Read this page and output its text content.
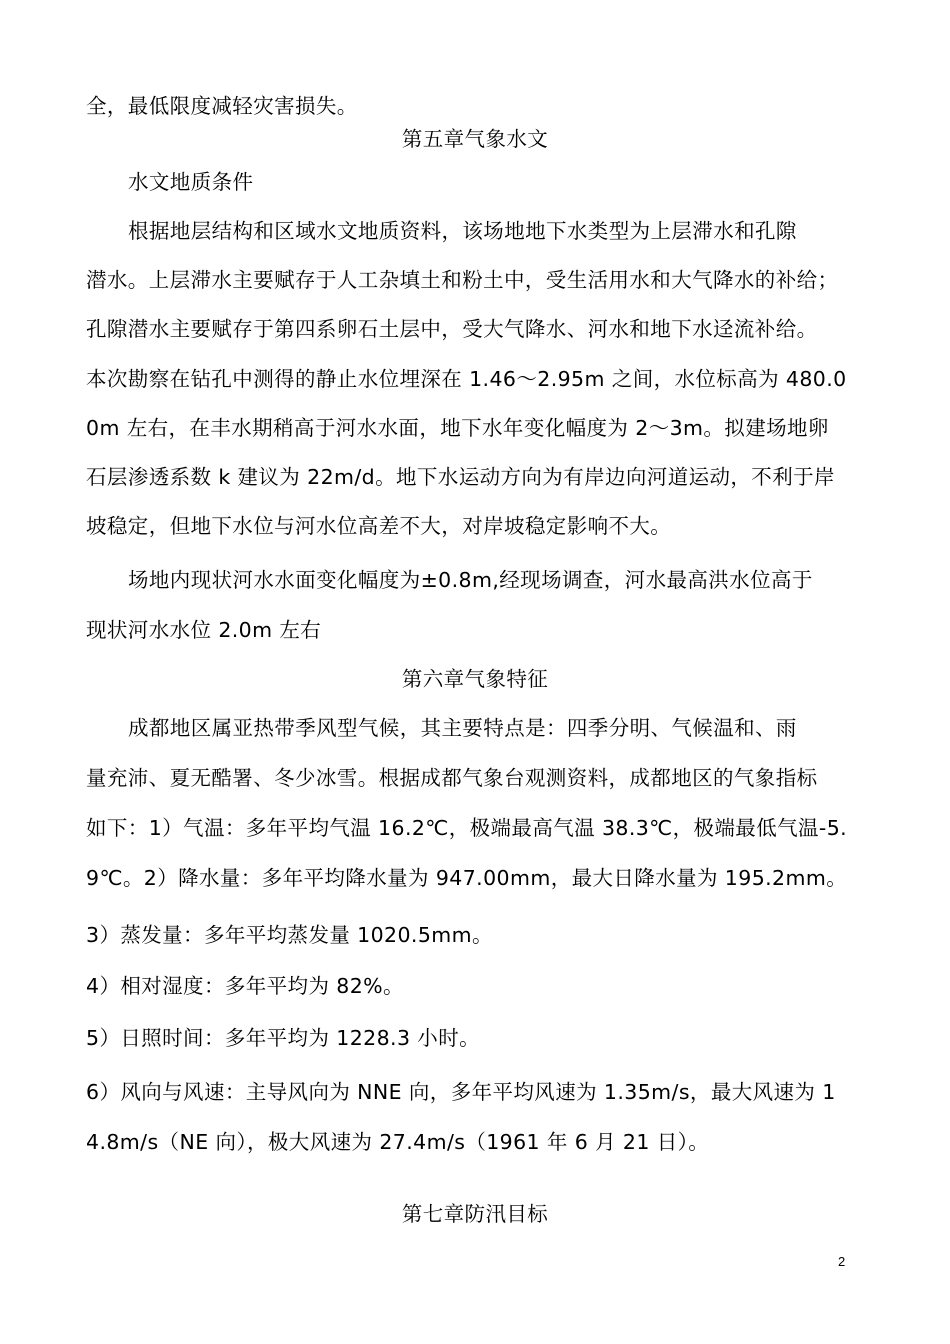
全，最低限度减轻灾害损失。
第五章气象水文
水文地质条件
根据地层结构和区域水文地质资料，该场地地下水类型为上层滞水和孔隙
潜水。上层滞水主要赋存于人工杂填土和粉土中，受生活用水和大气降水的补给；
孔隙潜水主要赋存于第四系卵石土层中，受大气降水、河水和地下水迳流补给。
本次勘察在钻孔中测得的静止水位埋深在 1.46～2.95m 之间，水位标高为 480.0
0m 左右，在丰水期稍高于河水水面，地下水年变化幅度为 2～3m。拟建场地卵
石层渗透系数 k 建议为 22m/d。地下水运动方向为有岸边向河道运动，不利于岸
坡稳定，但地下水位与河水位高差不大，对岸坡稳定影响不大。
场地内现状河水水面变化幅度为±0.8m,经现场调查，河水最高洪水位高于
现状河水水位 2.0m 左右
第六章气象特征
成都地区属亚热带季风型气候，其主要特点是：四季分明、气候温和、雨
量充沛、夏无酷署、冬少冰雪。根据成都气象台观测资料，成都地区的气象指标
如下：1）气温：多年平均气温 16.2℃，极端最高气温 38.3℃，极端最低气温-5.
9℃。2）降水量：多年平均降水量为 947.00mm，最大日降水量为 195.2mm。
3）蒸发量：多年平均蒸发量 1020.5mm。
4）相对湿度：多年平均为 82%。
5）日照时间：多年平均为 1228.3 小时。
6）风向与风速：主导风向为 NNE 向，多年平均风速为 1.35m/s，最大风速为 1
4.8m/s（NE 向），极大风速为 27.4m/s（1961 年 6 月 21 日）。
第七章防汛目标
2
